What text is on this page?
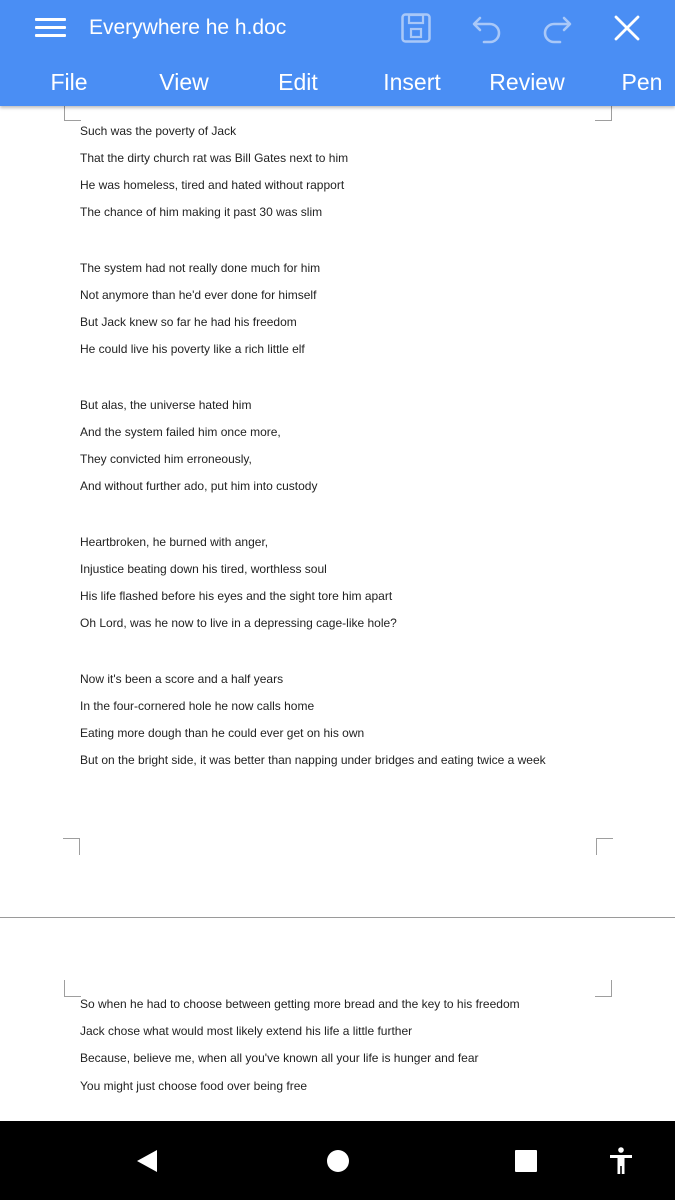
Everywhere he h.doc
File	View	Edit	Insert Review Pen
Such was the poverty of Jack
That the dirty church rat was Bill Gates next to him
He was homeless, tired and hated without rapport
The chance of him making it past 30 was slim
The system had not really done much for him
Not anymore than he'd ever done for himself
But Jack knew so far he had his freedom
He could live his poverty like a rich little elf
But alas, the universe hated him
And the system failed him once more,
They convicted him erroneously,
And without further ado, put him into custody
Heartbroken, he burned with anger,
Injustice beating down his tired, worthless soul
His life flashed before his eyes and the sight tore him apart
Oh Lord, was he now to live in a depressing cage-like hole?
Now it's been a score and a half years
In the four-cornered hole he now calls home
Eating more dough than he could ever get on his own
But on the bright side, it was better than napping under bridges and eating twice a week
So when he had to choose between getting more bread and the key to his freedom
Jack chose what would most likely extend his life a little further
Because, believe me, when all you've known all your life is hunger and fear
You might just choose food over being free
